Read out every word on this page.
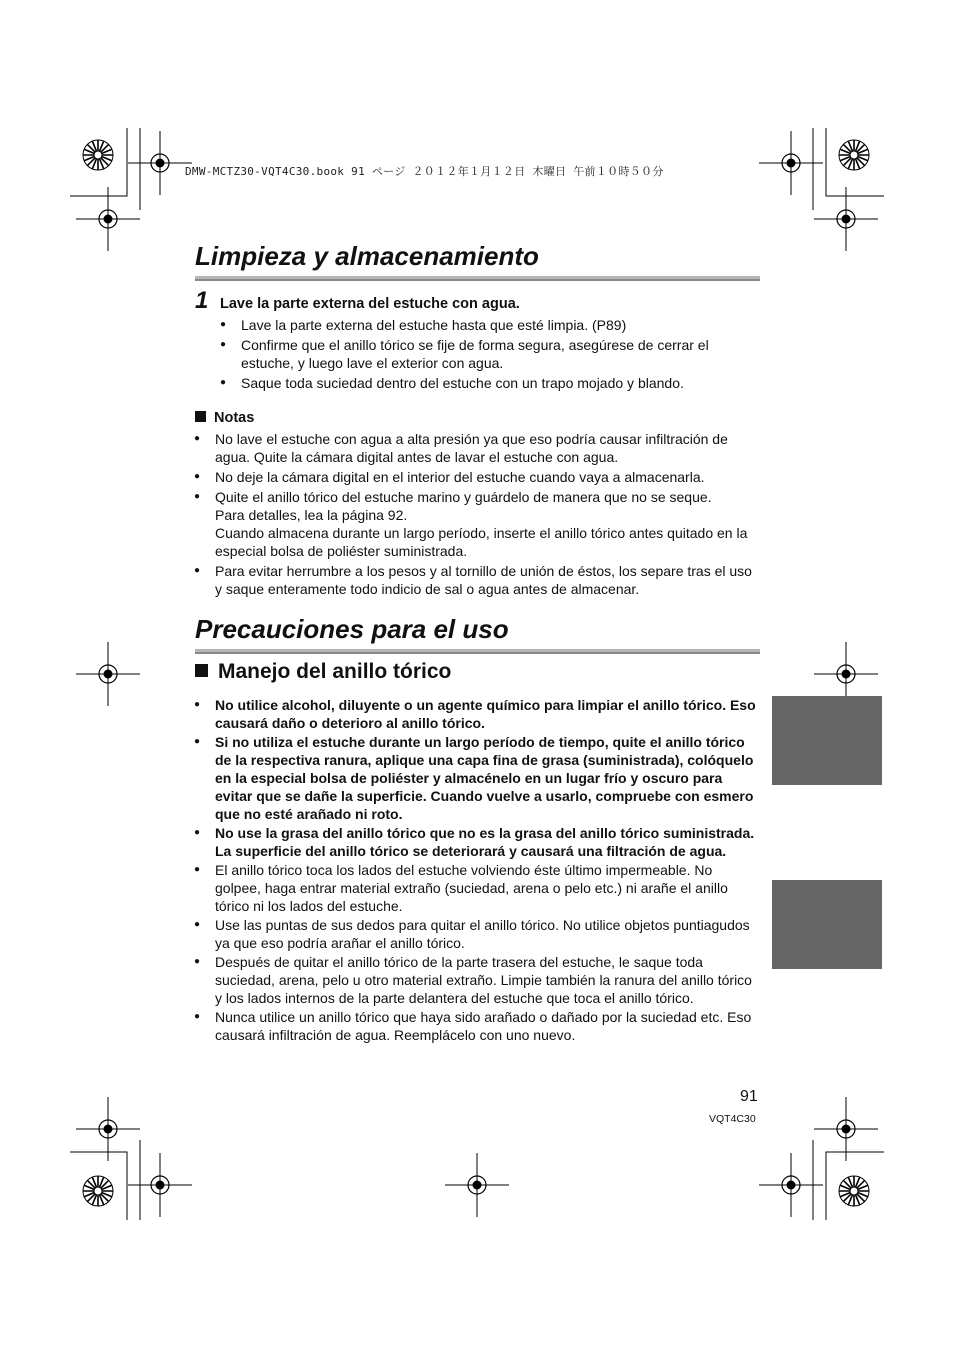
DMW-MCTZ30-VQT4C30.book 91 ページ ２０１２年１月１２日 木曜日 午前１０時５０分
Limpieza y almacenamiento
1 Lave la parte externa del estuche con agua.
● Lave la parte externa del estuche hasta que esté limpia. (P89)
● Confirme que el anillo tórico se fije de forma segura, asegúrese de cerrar el estuche, y luego lave el exterior con agua.
● Saque toda suciedad dentro del estuche con un trapo mojado y blando.
Notas
● No lave el estuche con agua a alta presión ya que eso podría causar infiltración de agua. Quite la cámara digital antes de lavar el estuche con agua.
● No deje la cámara digital en el interior del estuche cuando vaya a almacenarla.
● Quite el anillo tórico del estuche marino y guárdelo de manera que no se seque.
Para detalles, lea la página 92.
Cuando almacena durante un largo período, inserte el anillo tórico antes quitado en la especial bolsa de poliéster suministrada.
● Para evitar herrumbre a los pesos y al tornillo de unión de éstos, los separe tras el uso y saque enteramente todo indicio de sal o agua antes de almacenar.
Precauciones para el uso
Manejo del anillo tórico
● No utilice alcohol, diluyente o un agente químico para limpiar el anillo tórico. Eso causará daño o deterioro al anillo tórico.
● Si no utiliza el estuche durante un largo período de tiempo, quite el anillo tórico de la respectiva ranura, aplique una capa fina de grasa (suministrada), colóquelo en la especial bolsa de poliéster y almacénelo en un lugar frío y oscuro para evitar que se dañe la superficie. Cuando vuelve a usarlo, compruebe con esmero que no esté arañado ni roto.
● No use la grasa del anillo tórico que no es la grasa del anillo tórico suministrada. La superficie del anillo tórico se deteriorará y causará una filtración de agua.
● El anillo tórico toca los lados del estuche volviendo éste último impermeable. No golpee, haga entrar material extraño (suciedad, arena o pelo etc.) ni arañe el anillo tórico ni los lados del estuche.
● Use las puntas de sus dedos para quitar el anillo tórico. No utilice objetos puntiagudos ya que eso podría arañar el anillo tórico.
● Después de quitar el anillo tórico de la parte trasera del estuche, le saque toda suciedad, arena, pelo u otro material extraño. Limpie también la ranura del anillo tórico y los lados internos de la parte delantera del estuche que toca el anillo tórico.
● Nunca utilice un anillo tórico que haya sido arañado o dañado por la suciedad etc. Eso causará infiltración de agua. Reemplácelo con uno nuevo.
91
VQT4C30
